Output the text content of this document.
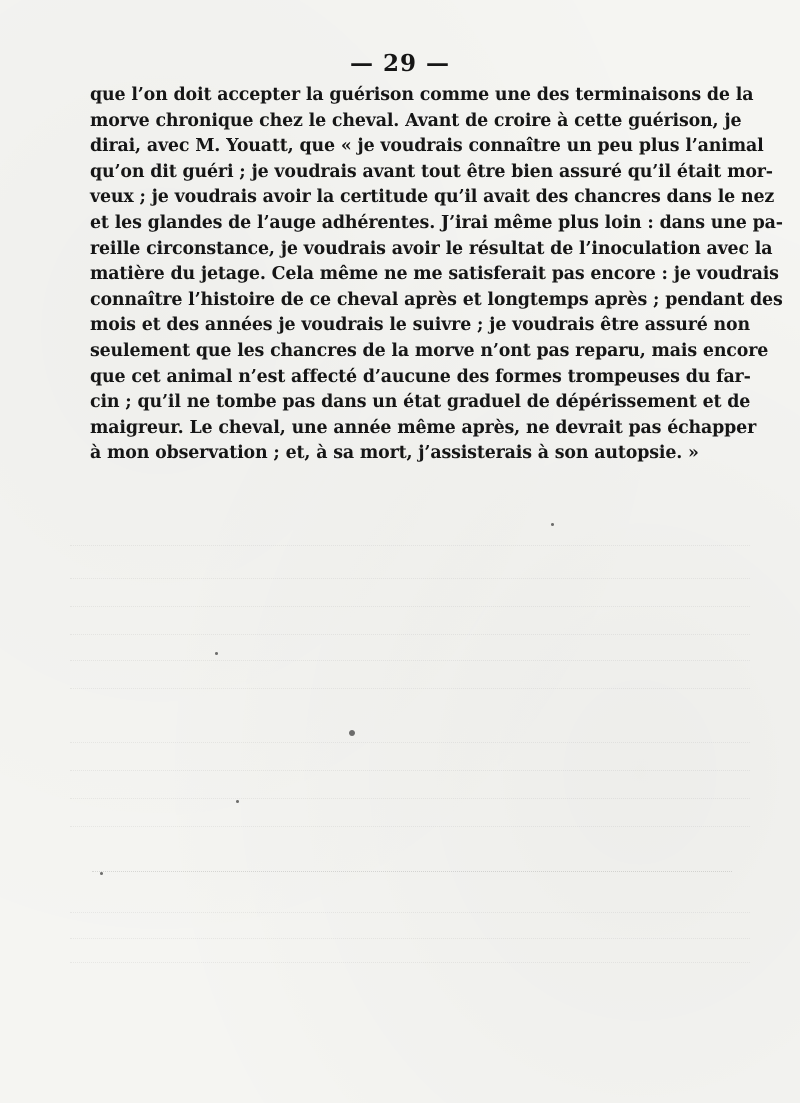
— 29 —
que l’on doit accepter la guérison comme une des terminaisons de la
morve chronique chez le cheval. Avant de croire à cette guérison, je
dirai, avec M. Youatt, que « je voudrais connaître un peu plus l’animal
qu’on dit guéri ; je voudrais avant tout être bien assuré qu’il était mor-
veux ; je voudrais avoir la certitude qu’il avait des chancres dans le nez
et les glandes de l’auge adhérentes. J’irai même plus loin : dans une pa-
reille circonstance, je voudrais avoir le résultat de l’inoculation avec la
matière du jetage. Cela même ne me satisferait pas encore : je voudrais
connaître l’histoire de ce cheval après et longtemps après ; pendant des
mois et des années je voudrais le suivre ; je voudrais être assuré non
seulement que les chancres de la morve n’ont pas reparu, mais encore
que cet animal n’est affecté d’aucune des formes trompeuses du far-
cin ; qu’il ne tombe pas dans un état graduel de dépérissement et de
maigreur. Le cheval, une année même après, ne devrait pas échapper
à mon observation ; et, à sa mort, j’assisterais à son autopsie. »
